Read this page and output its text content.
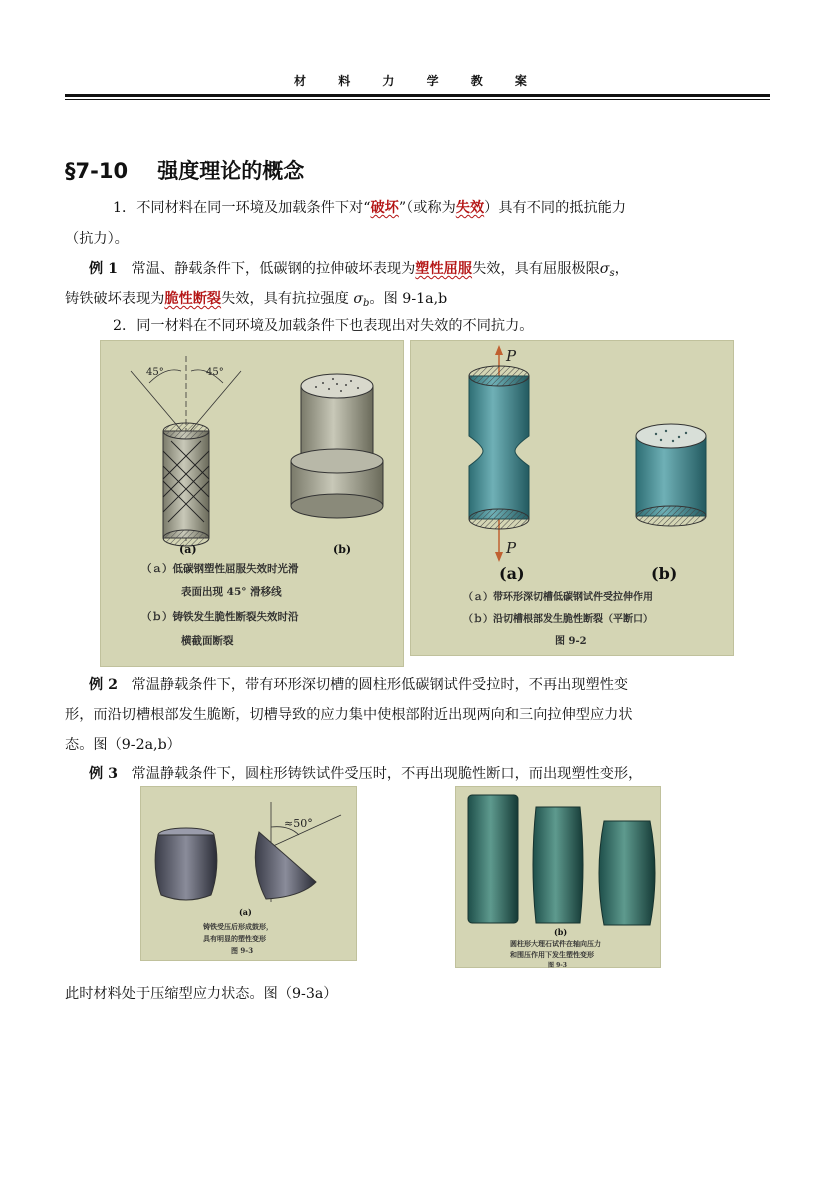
材 料 力 学 教 案
§7-10    强度理论的概念
1．不同材料在同一环境及加载条件下对“破坏”（或称为失效）具有不同的抵抗能力
（抗力）。
例 1 常温、静载条件下，低碳钢的拉伸破坏表现为塑性屈服失效，具有屈服极限$\sigma_s$，
铸铁破坏表现为脆性断裂失效，具有抗拉强度 $\sigma_b$。图 9-1a,b
2．同一材料在不同环境及加载条件下也表现出对失效的不同抗力。
45°	45°
(a)	(b)
（ａ）低碳钢塑性屈服失效时光滑
表面出现 45° 滑移线
（ｂ）铸铁发生脆性断裂失效时沿
横截面断裂
P
P
(a)	(b)
（ａ）带环形深切槽低碳钢试件受拉伸作用
（ｂ）沿切槽根部发生脆性断裂（平断口）
图 9-2
例 2 常温静载条件下，带有环形深切槽的圆柱形低碳钢试件受拉时，不再出现塑性变
形，而沿切槽根部发生脆断，切槽导致的应力集中使根部附近出现两向和三向拉伸型应力状
态。图（9-2a,b）
例 3 常温静载条件下，圆柱形铸铁试件受压时，不再出现脆性断口，而出现塑性变形，
≈50°
(a)
铸铁受压后形成鼓形，
具有明显的塑性变形
图 9-3
(b)
圆柱形大理石试件在轴向压力
和围压作用下发生塑性变形
图 9-3
此时材料处于压缩型应力状态。图（9-3a）
